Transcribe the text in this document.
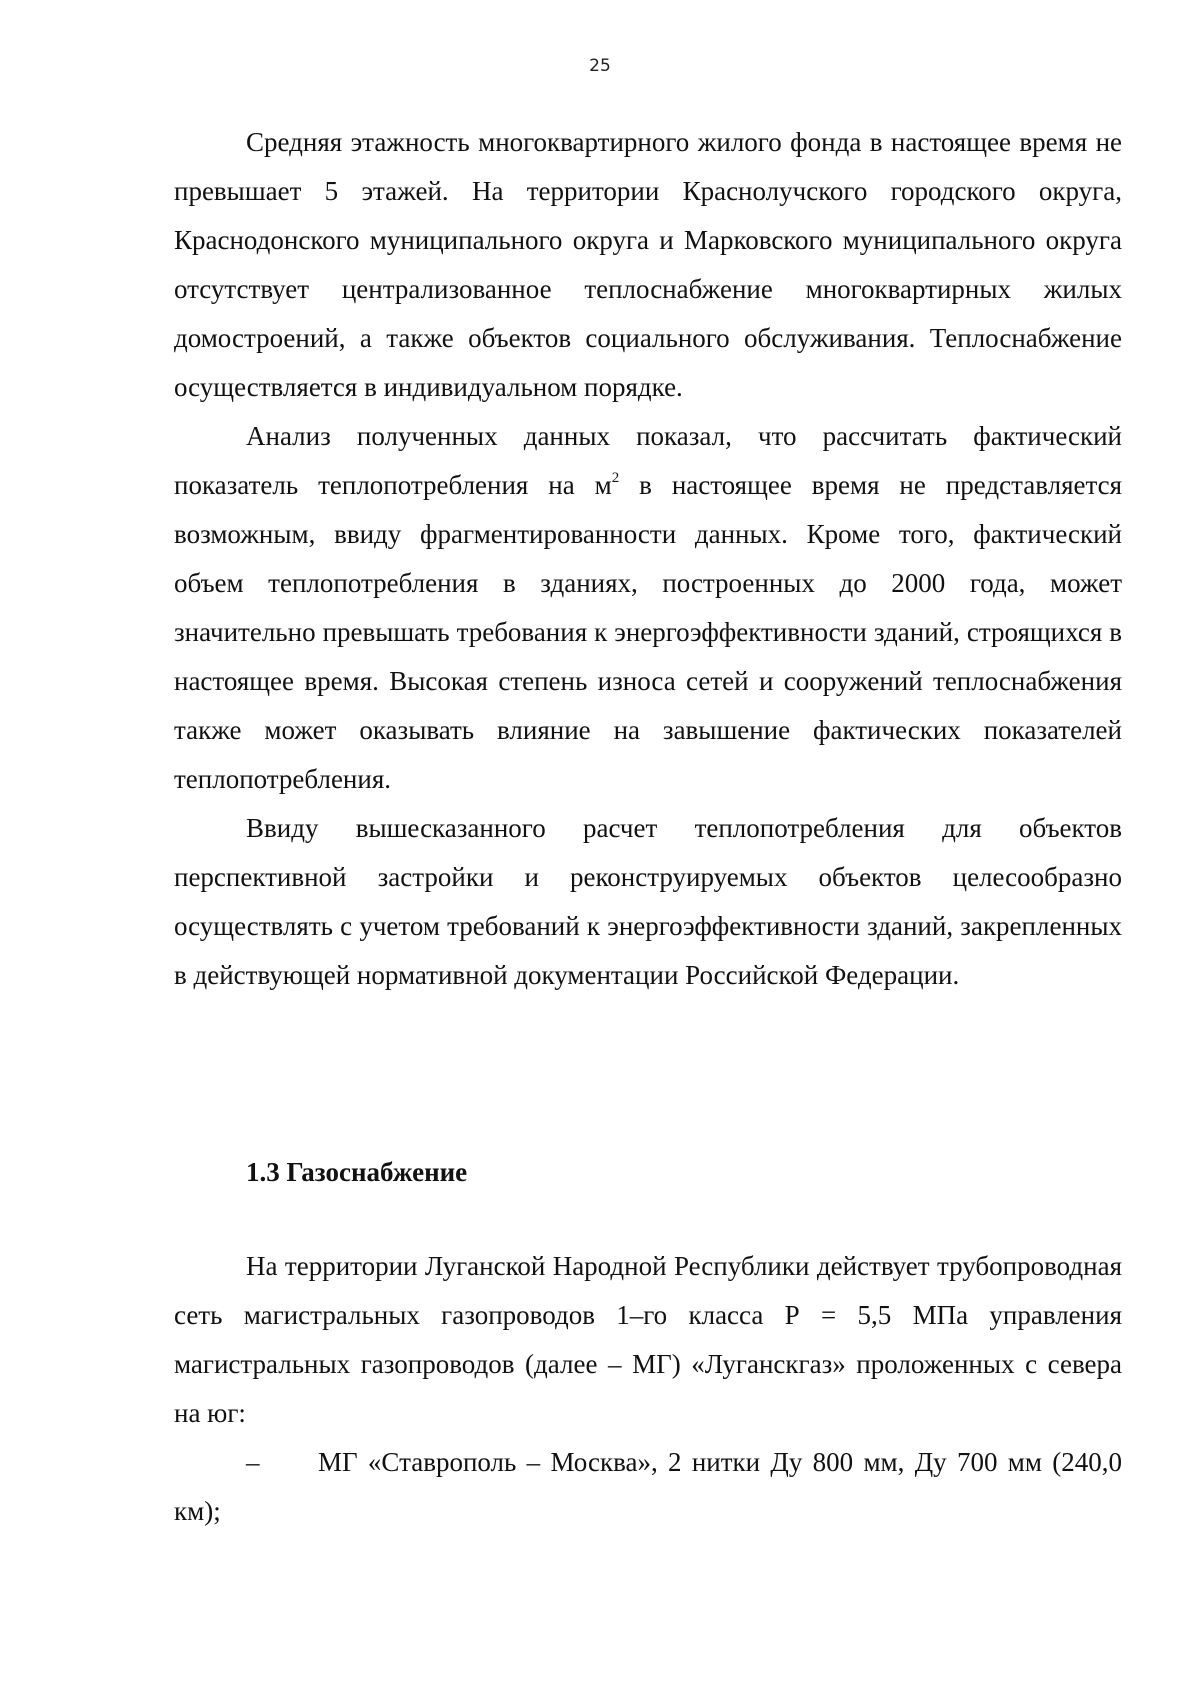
25

Средняя этажность многоквартирного жилого фонда в настоящее время не превышает 5 этажей. На территории Краснолучского городского округа, Краснодонского муниципального округа и Марковского муниципального округа отсутствует централизованное теплоснабжение многоквартирных жилых домостроений, а также объектов социального обслуживания. Теплоснабжение осуществляется в индивидуальном порядке.

Анализ полученных данных показал, что рассчитать фактический показатель теплопотребления на $м^2$ в настоящее время не представляется возможным, ввиду фрагментированности данных. Кроме того, фактический объем теплопотребления в зданиях, построенных до 2000 года, может значительно превышать требования к энергоэффективности зданий, строящихся в настоящее время. Высокая степень износа сетей и сооружений теплоснабжения также может оказывать влияние на завышение фактических показателей теплопотребления.

Ввиду вышесказанного расчет теплопотребления для объектов перспективной застройки и реконструируемых объектов целесообразно осуществлять с учетом требований к энергоэффективности зданий, закрепленных в действующей нормативной документации Российской Федерации.

1.3 Газоснабжение

На территории Луганской Народной Республики действует трубопроводная сеть магистральных газопроводов 1–го класса Р = 5,5 МПа управления магистральных газопроводов (далее – МГ) «Луганскгаз» проложенных с севера на юг:

– МГ «Ставрополь – Москва», 2 нитки Ду 800 мм, Ду 700 мм (240,0 км);
